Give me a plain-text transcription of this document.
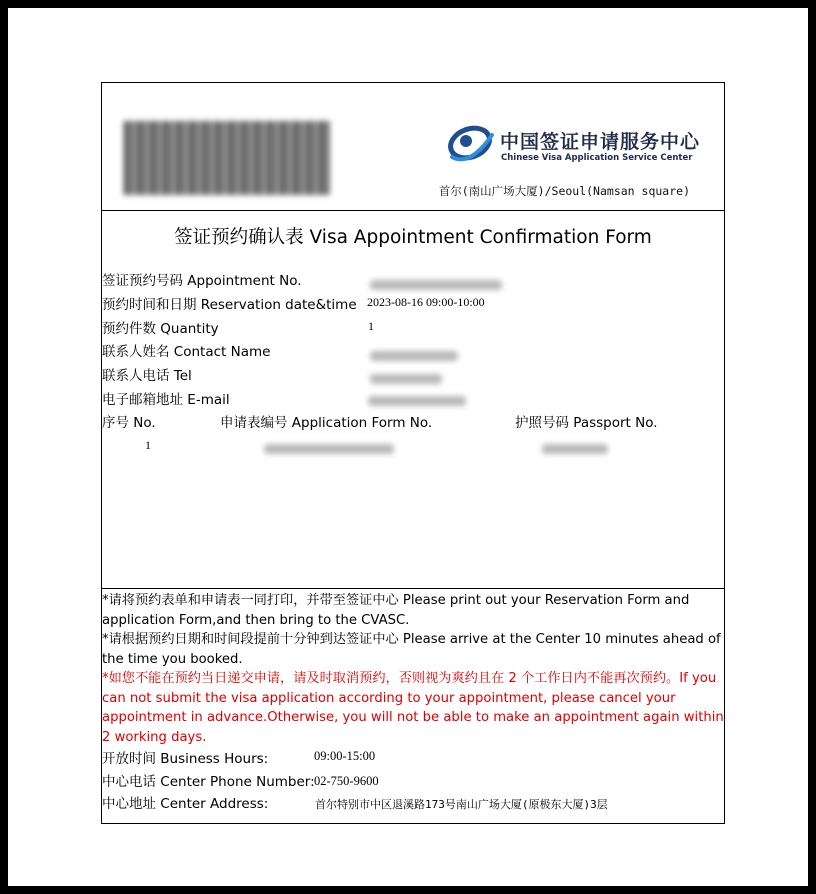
中国签证申请服务中心
Chinese Visa Application Service Center
首尔(南山广场大厦)/Seoul(Namsan square)
签证预约确认表 Visa Appointment Confirmation Form
签证预约号码 Appointment No.
预约时间和日期 Reservation date&time 2023-08-16 09:00-10:00
预约件数 Quantity	1
联系人姓名 Contact Name
联系人电话 Tel
电子邮箱地址 E-mail
序号 No.	申请表编号 Application Form No.	护照号码 Passport No.
1
*请将预约表单和申请表一同打印，并带至签证中心 Please print out your Reservation Form and application Form,and then bring to the CVASC.
*请根据预约日期和时间段提前十分钟到达签证中心 Please arrive at the Center 10 minutes ahead of the time you booked.
*如您不能在预约当日递交申请，请及时取消预约，否则视为爽约且在 2 个工作日内不能再次预约。If you can not submit the visa application according to your appointment, please cancel your appointment in advance.Otherwise, you will not be able to make an appointment again within 2 working days.
开放时间 Business Hours:	09:00-15:00
中心电话 Center Phone Number: 02-750-9600
中心地址 Center Address:	首尔特别市中区退溪路173号南山广场大厦(原极东大厦)3层
